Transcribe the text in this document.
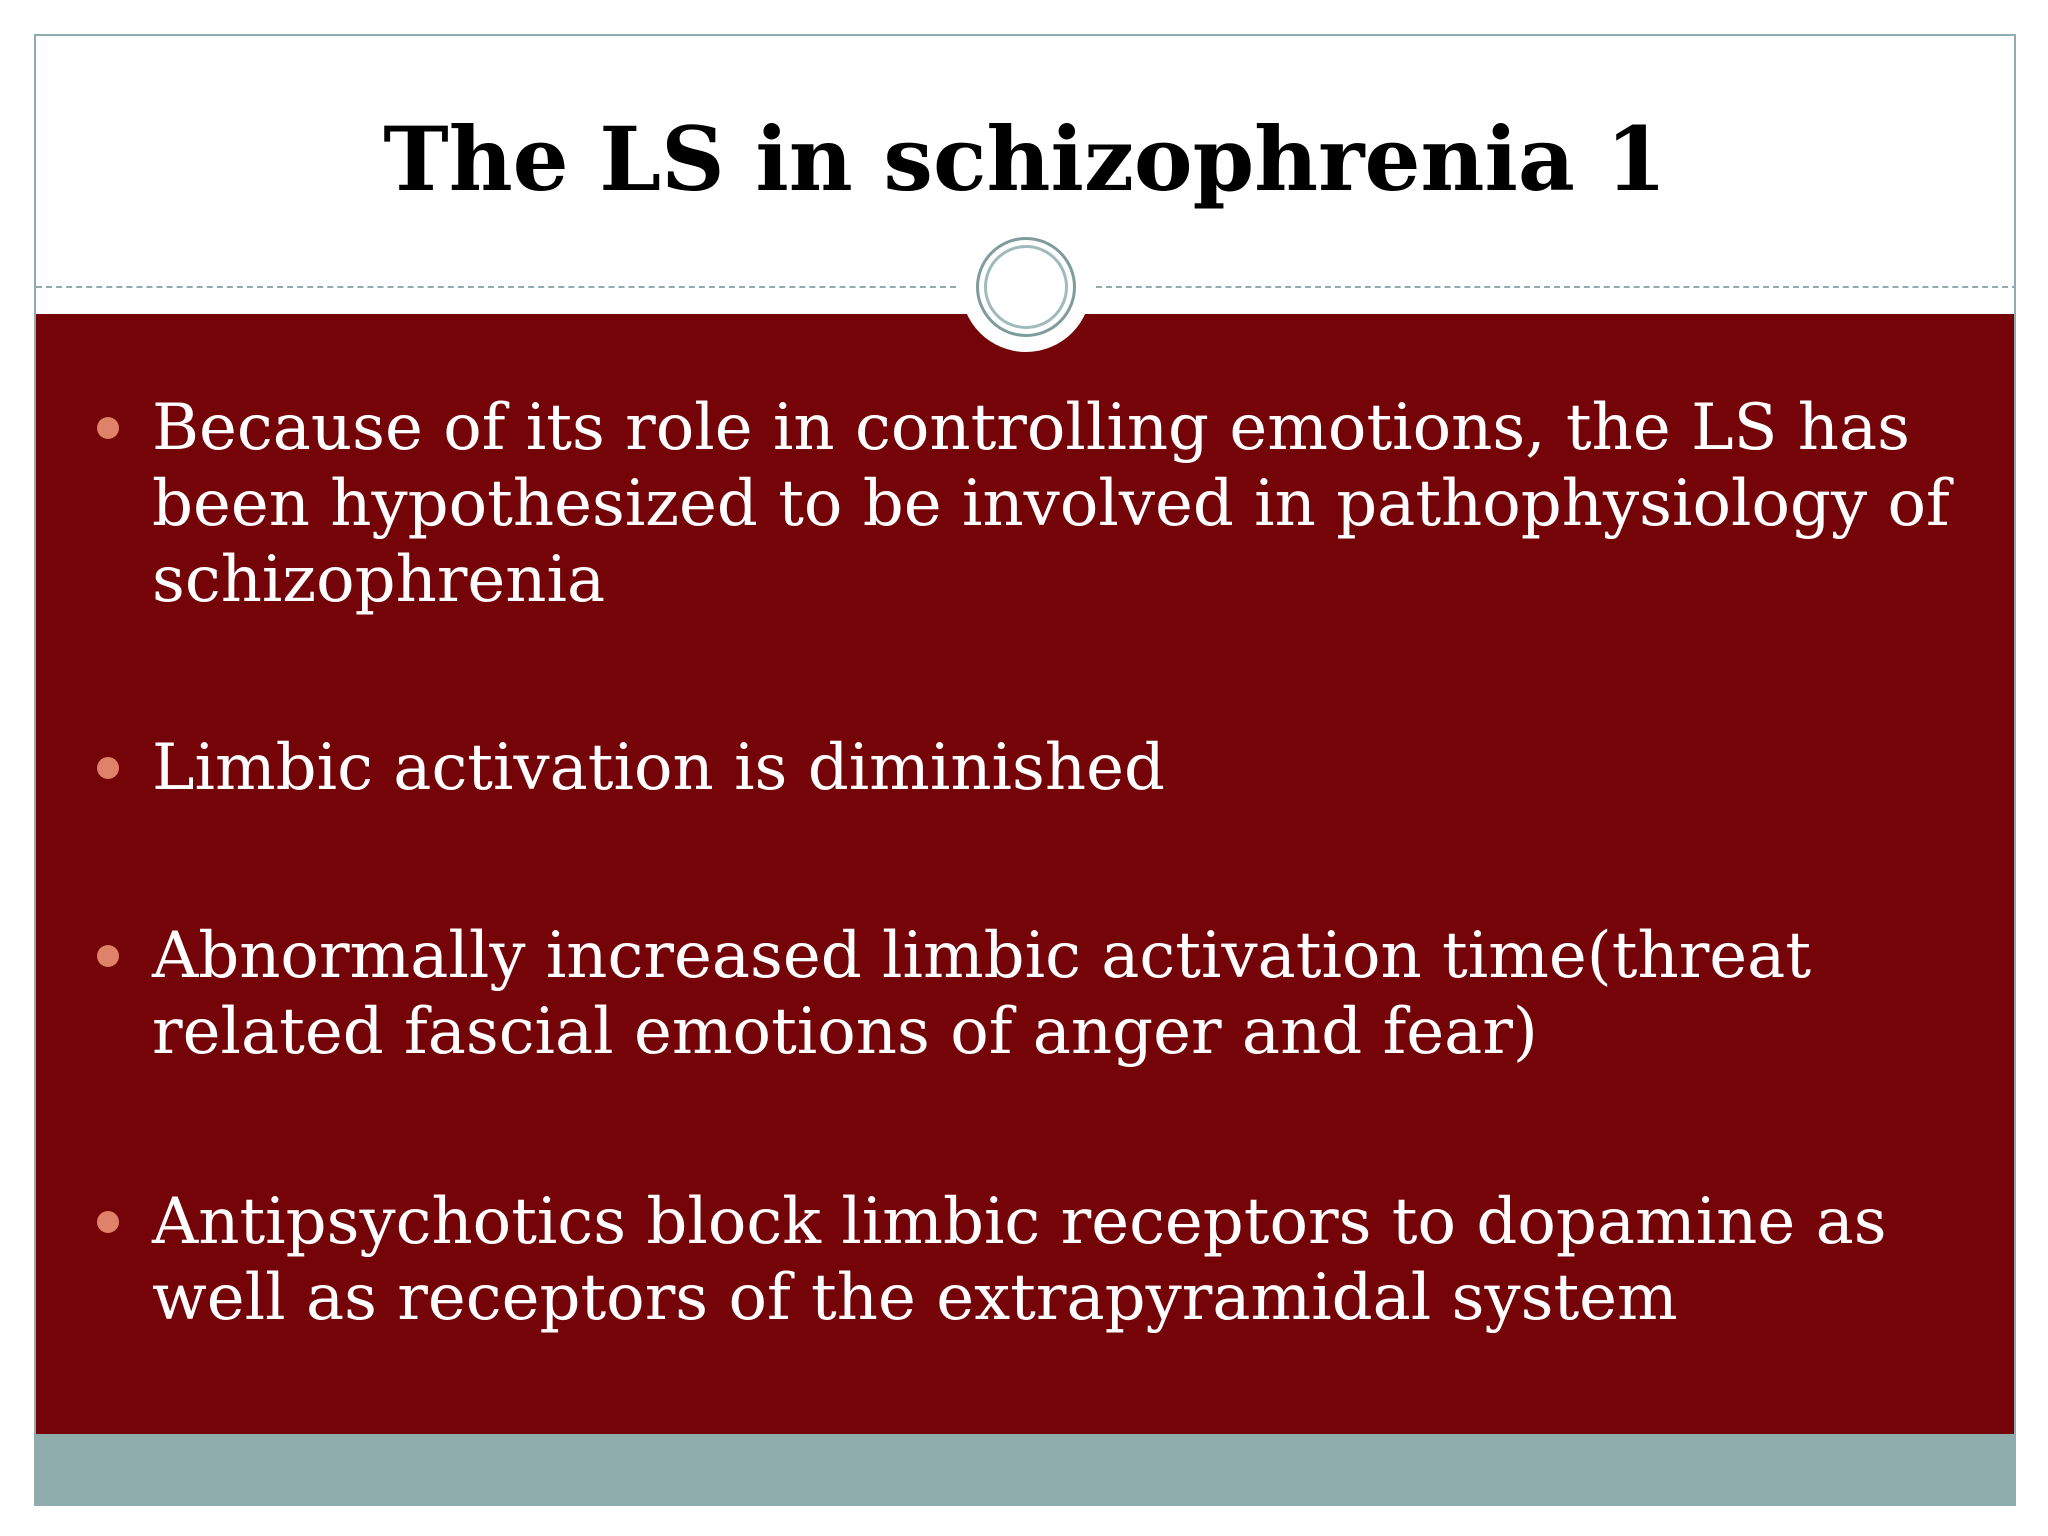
The LS in schizophrenia 1

Because of its role in controlling emotions, the LS has been hypothesized to be involved in pathophysiology of schizophrenia

Limbic activation is diminished

Abnormally increased limbic activation time(threat related fascial emotions of anger and fear)

Antipsychotics block limbic receptors to dopamine as well as receptors of the extrapyramidal system
